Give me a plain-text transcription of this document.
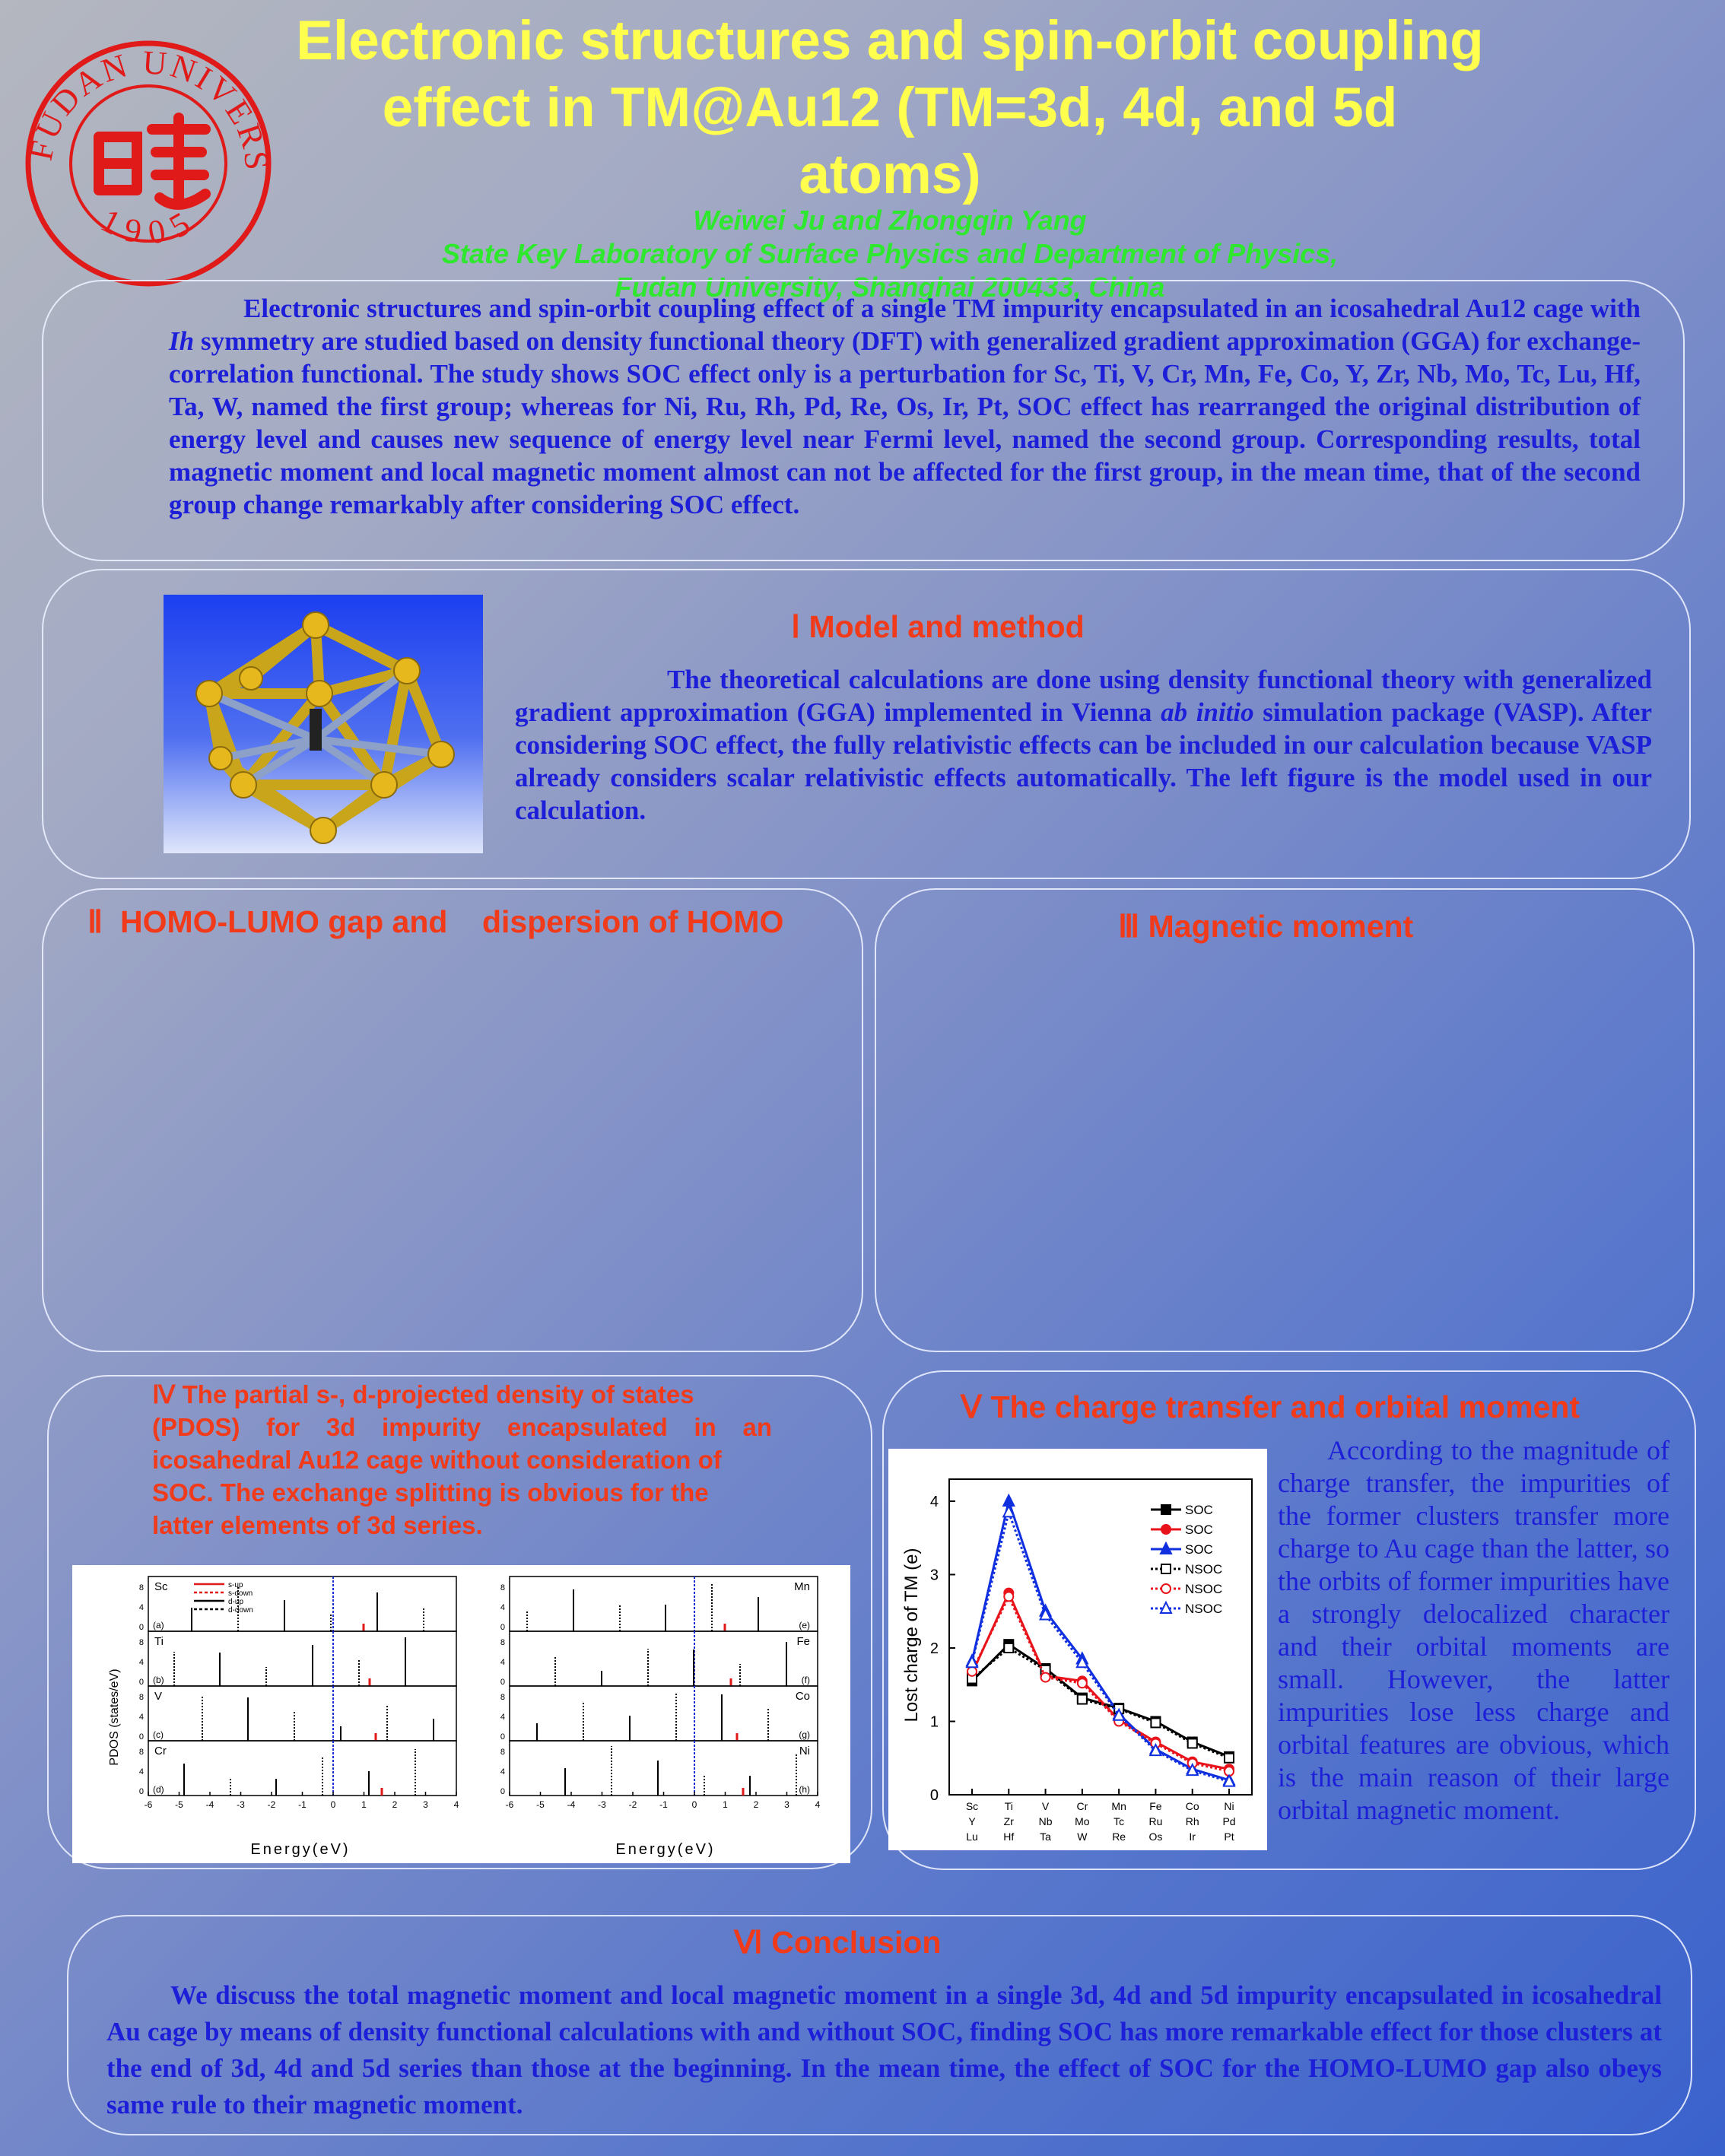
FUDAN UNIVERS
1905
Electronic structures and spin-orbit coupling
effect in TM@Au12 (TM=3d, 4d, and 5d
atoms)
Weiwei Ju and Zhongqin Yang
State Key Laboratory of Surface Physics and Department of Physics,
Fudan University, Shanghai 200433, China
Electronic structures and spin-orbit coupling effect of a single TM impurity encapsulated in an icosahedral Au12 cage with Ih symmetry are studied based on density functional theory (DFT) with generalized gradient approximation (GGA) for exchange-correlation functional. The study shows SOC effect only is a perturbation for Sc, Ti, V, Cr, Mn, Fe, Co, Y, Zr, Nb, Mo, Tc, Lu, Hf, Ta, W, named the first group; whereas for Ni, Ru, Rh, Pd, Re, Os, Ir, Pt, SOC effect has rearranged the original distribution of energy level and causes new sequence of energy level near Fermi level, named the second group. Corresponding results, total magnetic moment and local magnetic moment almost can not be affected for the first group, in the mean time, that of the second group change remarkably after considering SOC effect.
Ⅰ Model and method
The theoretical calculations are done using density functional theory with generalized gradient approximation (GGA) implemented in Vienna ab initio simulation package (VASP). After considering SOC effect, the fully relativistic effects can be included in our calculation because VASP already considers scalar relativistic effects automatically. The left figure is the model used in our calculation.
Ⅱ  HOMO-LUMO gap and    dispersion of HOMO	Ⅲ Magnetic moment
Ⅳ The partial s-, d-projected density of states
(PDOS) for 3d impurity encapsulated in an
icosahedral Au12 cage without consideration of
SOC. The exchange splitting is obvious for the
latter elements of 3d series.
PDOS (states/eV)
Energy(eV)	Energy(eV)
0
4
8 Sc
(a)
0
4
8 Ti
(b)
0
4
8 V
(c)
0
4
8 Cr
(d)
-6 -5 -4 -3 -2 -1	0	1	2	3	4
0
4
8	Mn
(e)
0
4
8	Fe
(f)
0
4
8	Co
(g)
0
4
8	Ni
(h)
-6 -5 -4 -3 -2 -1	0	1	2	3	4
s-up
s-down
d-up
d-down
Ⅴ The charge transfer and orbital moment
Lost charge of TM (e)
0
1
2
3
4
Sc
Y
Lu
Ti
Zr
Hf
V
Nb
Ta
Cr
Mo
W
Mn
Tc
Re
Fe
Ru
Os
Co
Rh
Ir
Ni
Pd
Pt
SOC
SOC
SOC
NSOC
NSOC
NSOC
According to the magnitude of charge transfer, the impurities of the former clusters transfer more charge to Au cage than the latter, so the orbits of former impurities have a strongly delocalized character and their orbital moments are small. However, the latter impurities lose less charge and orbital features are obvious, which is the main reason of their large orbital magnetic moment.
Ⅵ Conclusion
We discuss the total magnetic moment and local magnetic moment in a single 3d, 4d and 5d impurity encapsulated in icosahedral Au cage by means of density functional calculations with and without SOC, finding SOC has more remarkable effect for those clusters at the end of 3d, 4d and 5d series than those at the beginning. In the mean time, the effect of SOC for the HOMO-LUMO gap also obeys same rule to their magnetic moment.
